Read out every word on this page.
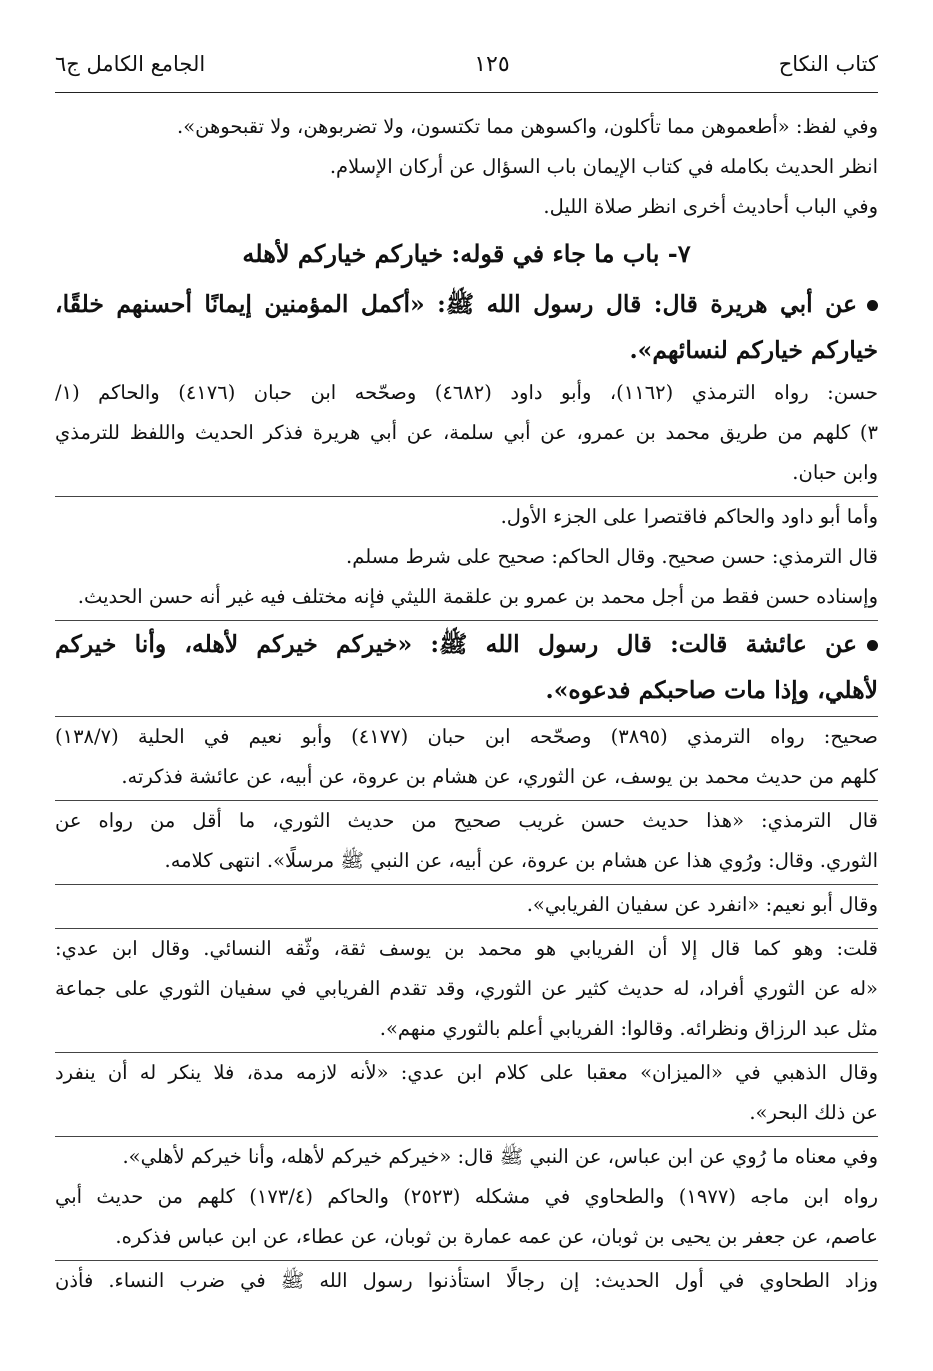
كتاب النكاح
١٢٥
الجامع الكامل ج٦
وفي لفظ: «أطعموهن مما تأكلون، واكسوهن مما تكتسون، ولا تضربوهن، ولا تقبحوهن».
انظر الحديث بكامله في كتاب الإيمان باب السؤال عن أركان الإسلام.
وفي الباب أحاديث أخرى انظر صلاة الليل.
٧- باب ما جاء في قوله: خياركم خياركم لأهله
عن أبي هريرة قال: قال رسول الله ﷺ: «أكمل المؤمنين إيمانًا أحسنهم خلقًا،
خياركم خياركم لنسائهم».
حسن: رواه الترمذي (١١٦٢)، وأبو داود (٤٦٨٢) وصحّحه ابن حبان (٤١٧٦) والحاكم (١/
٣) كلهم من طريق محمد بن عمرو، عن أبي سلمة، عن أبي هريرة فذكر الحديث واللفظ للترمذي
وابن حبان.
وأما أبو داود والحاكم فاقتصرا على الجزء الأول.
قال الترمذي: حسن صحيح. وقال الحاكم: صحيح على شرط مسلم.
وإسناده حسن فقط من أجل محمد بن عمرو بن علقمة الليثي فإنه مختلف فيه غير أنه حسن الحديث.
عن عائشة قالت: قال رسول الله ﷺ: «خيركم خيركم لأهله، وأنا خيركم
لأهلي، وإذا مات صاحبكم فدعوه».
صحيح: رواه الترمذي (٣٨٩٥) وصحّحه ابن حبان (٤١٧٧) وأبو نعيم في الحلية (١٣٨/٧)
كلهم من حديث محمد بن يوسف، عن الثوري، عن هشام بن عروة، عن أبيه، عن عائشة فذكرته.
قال الترمذي: «هذا حديث حسن غريب صحيح من حديث الثوري، ما أقل من رواه عن
الثوري. وقال: ورُوي هذا عن هشام بن عروة، عن أبيه، عن النبي ﷺ مرسلًا». انتهى كلامه.
وقال أبو نعيم: «انفرد عن سفيان الفريابي».
قلت: وهو كما قال إلا أن الفريابي هو محمد بن يوسف ثقة، وثّقه النسائي. وقال ابن عدي:
«له عن الثوري أفراد، له حديث كثير عن الثوري، وقد تقدم الفريابي في سفيان الثوري على جماعة
مثل عبد الرزاق ونظرائه. وقالوا: الفريابي أعلم بالثوري منهم».
وقال الذهبي في «الميزان» معقبا على كلام ابن عدي: «لأنه لازمه مدة، فلا ينكر له أن ينفرد
عن ذلك البحر».
وفي معناه ما رُوي عن ابن عباس، عن النبي ﷺ قال: «خيركم خيركم لأهله، وأنا خيركم لأهلي».
رواه ابن ماجه (١٩٧٧) والطحاوي في مشكله (٢٥٢٣) والحاكم (١٧٣/٤) كلهم من حديث أبي
عاصم، عن جعفر بن يحيى بن ثوبان، عن عمه عمارة بن ثوبان، عن عطاء، عن ابن عباس فذكره.
وزاد الطحاوي في أول الحديث: إن رجالًا استأذنوا رسول الله ﷺ في ضرب النساء. فأذن
